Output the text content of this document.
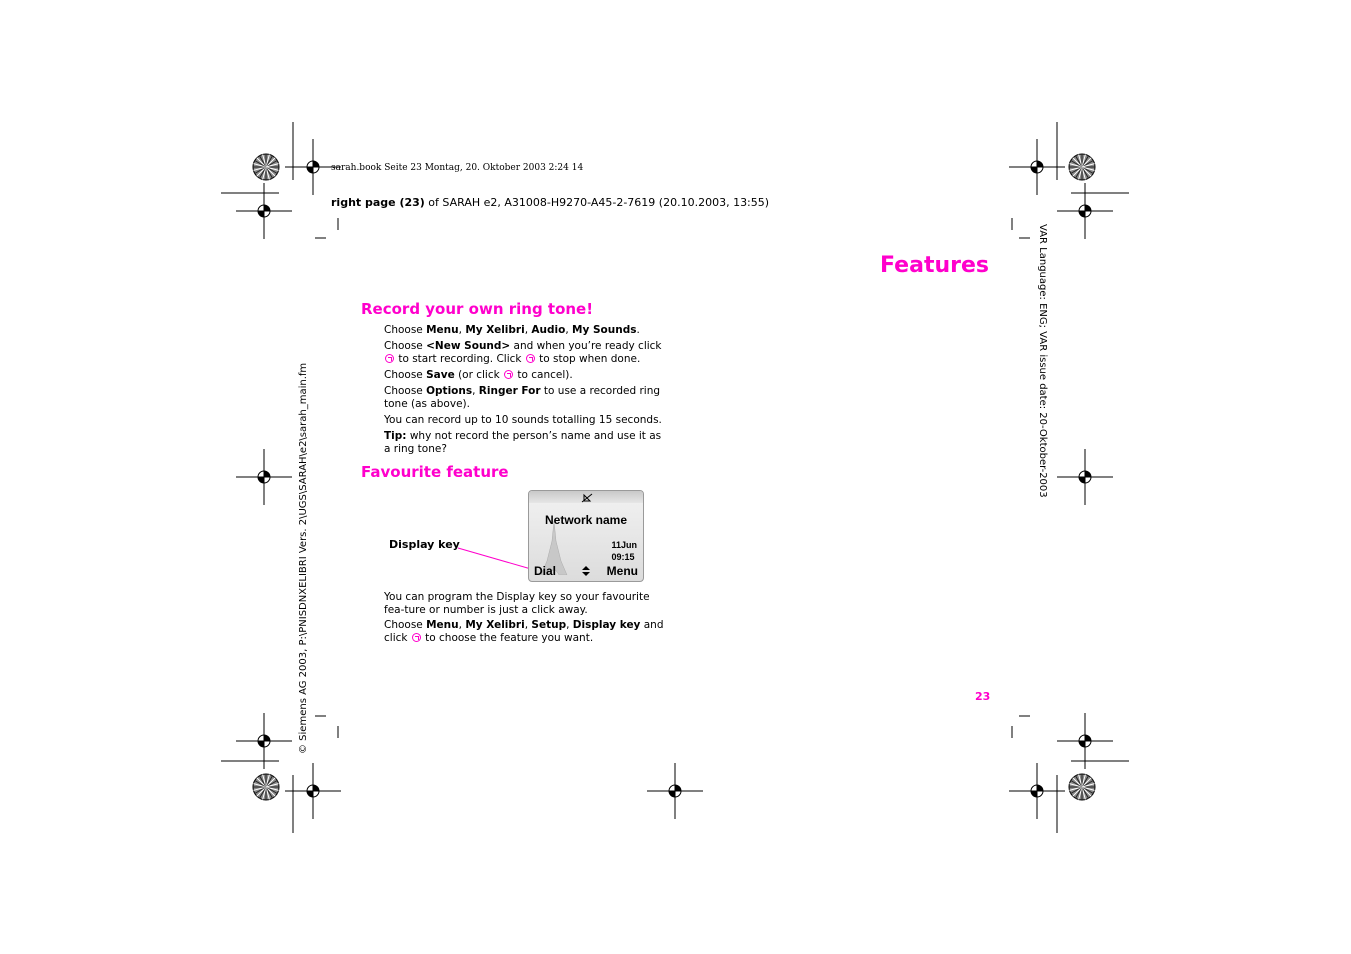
sarah.book Seite 23 Montag, 20. Oktober 2003 2:24 14
right page (23) of SARAH e2, A31008-H9270-A45-2-7619 (20.10.2003, 13:55)
Features
Record your own ring tone!
Choose Menu, My Xelibri, Audio, My Sounds.
Choose <New Sound> and when you’re ready click  to start recording. Click  to stop when done.
Choose Save (or click  to cancel).
Choose Options, Ringer For to use a recorded ring tone (as above).
You can record up to 10 sounds totalling 15 seconds.
Tip: why not record the person’s name and use it as a ring tone?
Favourite feature
Display key
Network name
11Jun
09:15
Dial	Menu
You can program the Display key so your favourite fea-ture or number is just a click away.
Choose Menu, My Xelibri, Setup, Display key and click  to choose the feature you want.
VAR Language: ENG; VAR issue date: 20-Oktober-2003
© Siemens AG 2003, P:\PNISDNXELIBRI Vers. 2\UGS\SARAH\e2\sarah_main.fm	23
